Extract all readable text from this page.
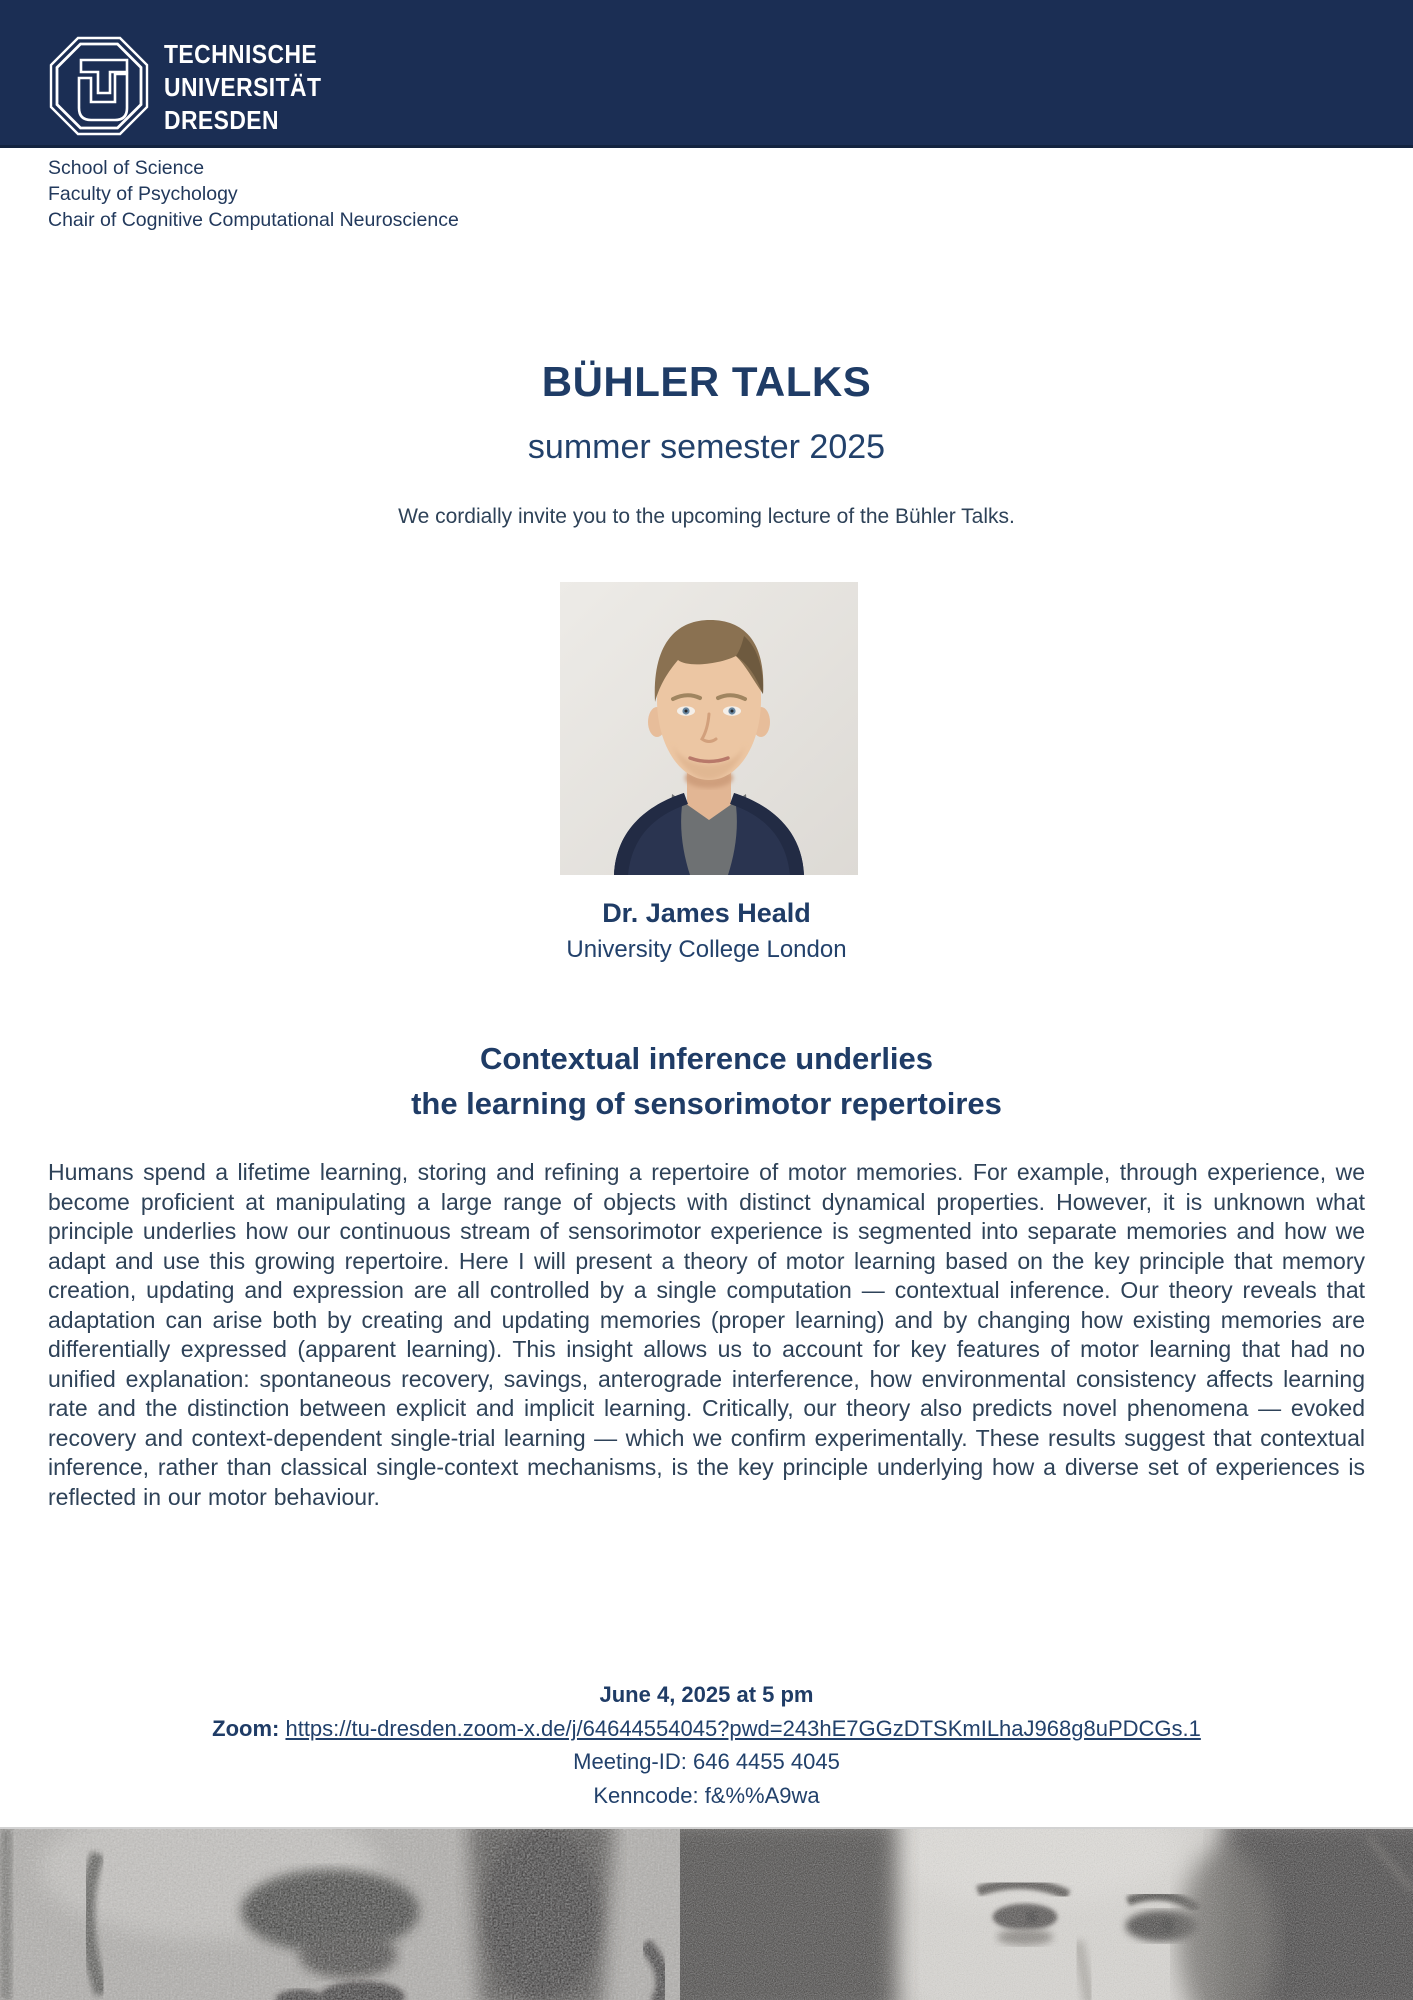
TECHNISCHE
UNIVERSITÄT
DRESDEN
School of Science
Faculty of Psychology
Chair of Cognitive Computational Neuroscience
BÜHLER TALKS
summer semester 2025

We cordially invite you to the upcoming lecture of the Bühler Talks.

Dr. James Heald
University College London
Contextual inference underlies
the learning of sensorimotor repertoires

Humans spend a lifetime learning, storing and refining a repertoire of motor memories. For example, through experience, we become proficient at manipulating a large range of objects with distinct dynamical properties. However, it is unknown what principle underlies how our continuous stream of sensorimotor experience is segmented into separate memories and how we adapt and use this growing repertoire. Here I will present a theory of motor learning based on the key principle that memory creation, updating and expression are all controlled by a single computation — contextual inference. Our theory reveals that adaptation can arise both by creating and updating memories (proper learning) and by changing how existing memories are differentially expressed (apparent learning). This insight allows us to account for key features of motor learning that had no unified explanation: spontaneous recovery, savings, anterograde interference, how environmental consistency affects learning rate and the distinction between explicit and implicit learning. Critically, our theory also predicts novel phenomena — evoked recovery and context-dependent single-trial learning — which we confirm experimentally. These results suggest that contextual inference, rather than classical single-context mechanisms, is the key principle underlying how a diverse set of experiences is reflected in our motor behaviour.

June 4, 2025 at 5 pm
Zoom: https://tu-dresden.zoom-x.de/j/64644554045?pwd=243hE7GGzDTSKmILhaJ968g8uPDCGs.1
Meeting-ID: 646 4455 4045
Kenncode: f&%%A9wa
